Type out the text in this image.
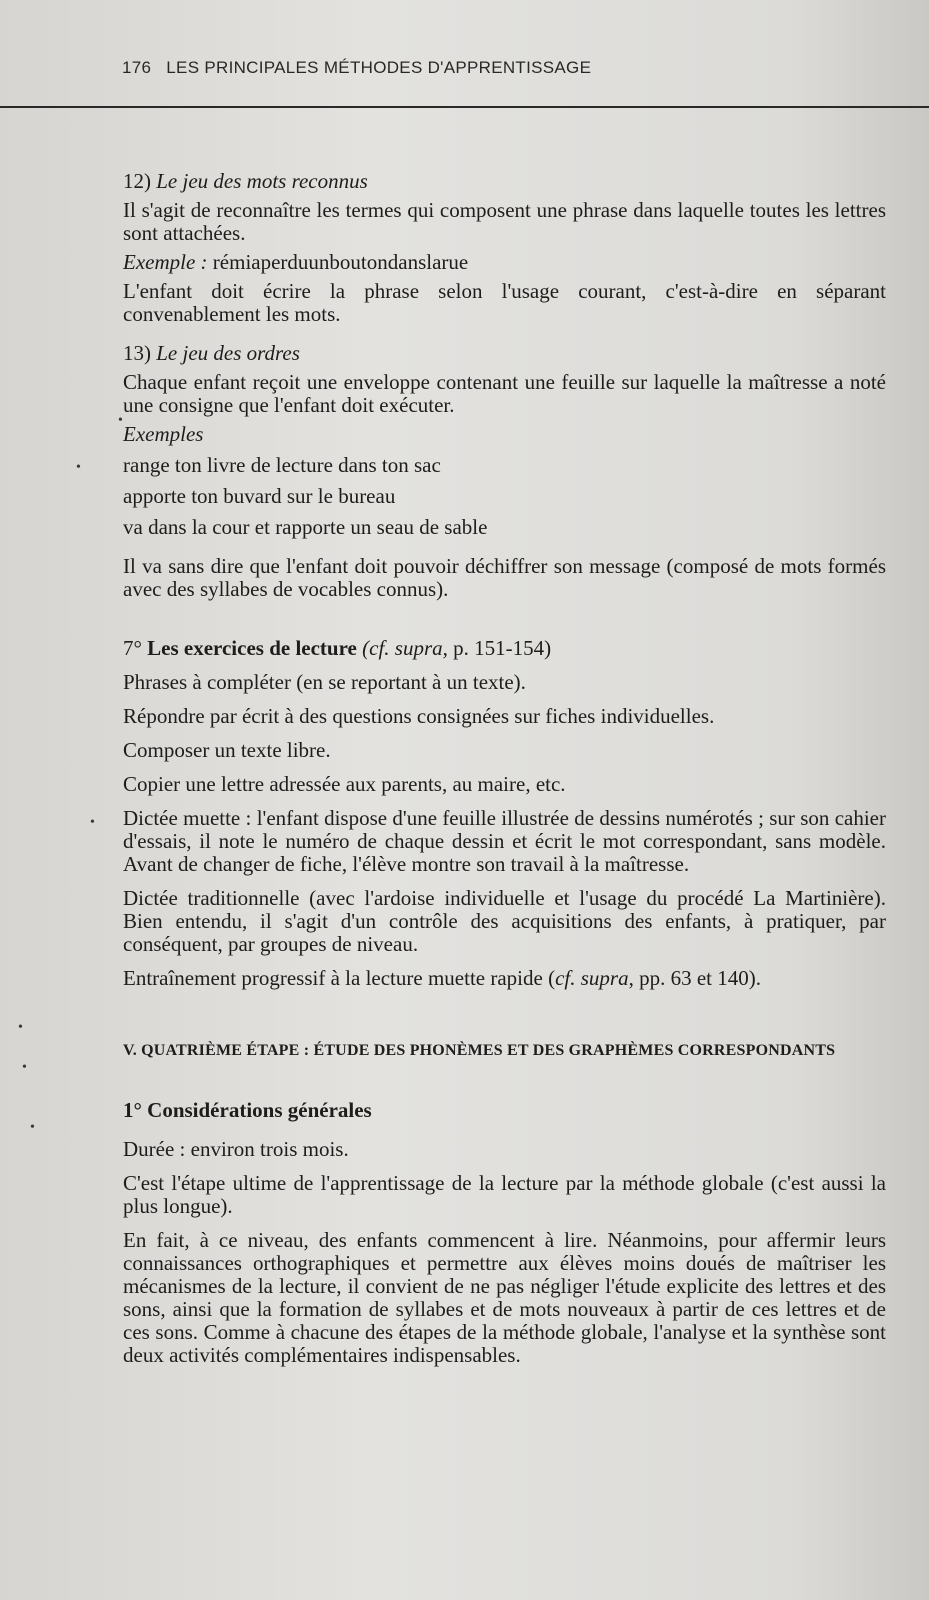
176 LES PRINCIPALES MÉTHODES D'APPRENTISSAGE

12) Le jeu des mots reconnus

Il s'agit de reconnaître les termes qui composent une phrase dans laquelle toutes les lettres sont attachées.

Exemple : rémiaperduunboutondanslarue

L'enfant doit écrire la phrase selon l'usage courant, c'est-à-dire en séparant convenablement les mots.

13) Le jeu des ordres

Chaque enfant reçoit une enveloppe contenant une feuille sur laquelle la maîtresse a noté une consigne que l'enfant doit exécuter.

Exemples

range ton livre de lecture dans ton sac

apporte ton buvard sur le bureau

va dans la cour et rapporte un seau de sable

Il va sans dire que l'enfant doit pouvoir déchiffrer son message (composé de mots formés avec des syllabes de vocables connus).

7° Les exercices de lecture (cf. supra, p. 151-154)

Phrases à compléter (en se reportant à un texte).

Répondre par écrit à des questions consignées sur fiches individuelles.

Composer un texte libre.

Copier une lettre adressée aux parents, au maire, etc.

Dictée muette : l'enfant dispose d'une feuille illustrée de dessins numérotés ; sur son cahier d'essais, il note le numéro de chaque dessin et écrit le mot correspondant, sans modèle. Avant de changer de fiche, l'élève montre son travail à la maîtresse.

Dictée traditionnelle (avec l'ardoise individuelle et l'usage du procédé La Martinière). Bien entendu, il s'agit d'un contrôle des acquisitions des enfants, à pratiquer, par conséquent, par groupes de niveau.

Entraînement progressif à la lecture muette rapide (cf. supra, pp. 63 et 140).

V. QUATRIÈME ÉTAPE : ÉTUDE DES PHONÈMES ET DES GRAPHÈMES CORRESPONDANTS

1° Considérations générales

Durée : environ trois mois.

C'est l'étape ultime de l'apprentissage de la lecture par la méthode globale (c'est aussi la plus longue).

En fait, à ce niveau, des enfants commencent à lire. Néanmoins, pour affermir leurs connaissances orthographiques et permettre aux élèves moins doués de maîtriser les mécanismes de la lecture, il convient de ne pas négliger l'étude explicite des lettres et des sons, ainsi que la formation de syllabes et de mots nouveaux à partir de ces lettres et de ces sons. Comme à chacune des étapes de la méthode globale, l'analyse et la synthèse sont deux activités complémentaires indispensables.

•
•
•
•
•
•
